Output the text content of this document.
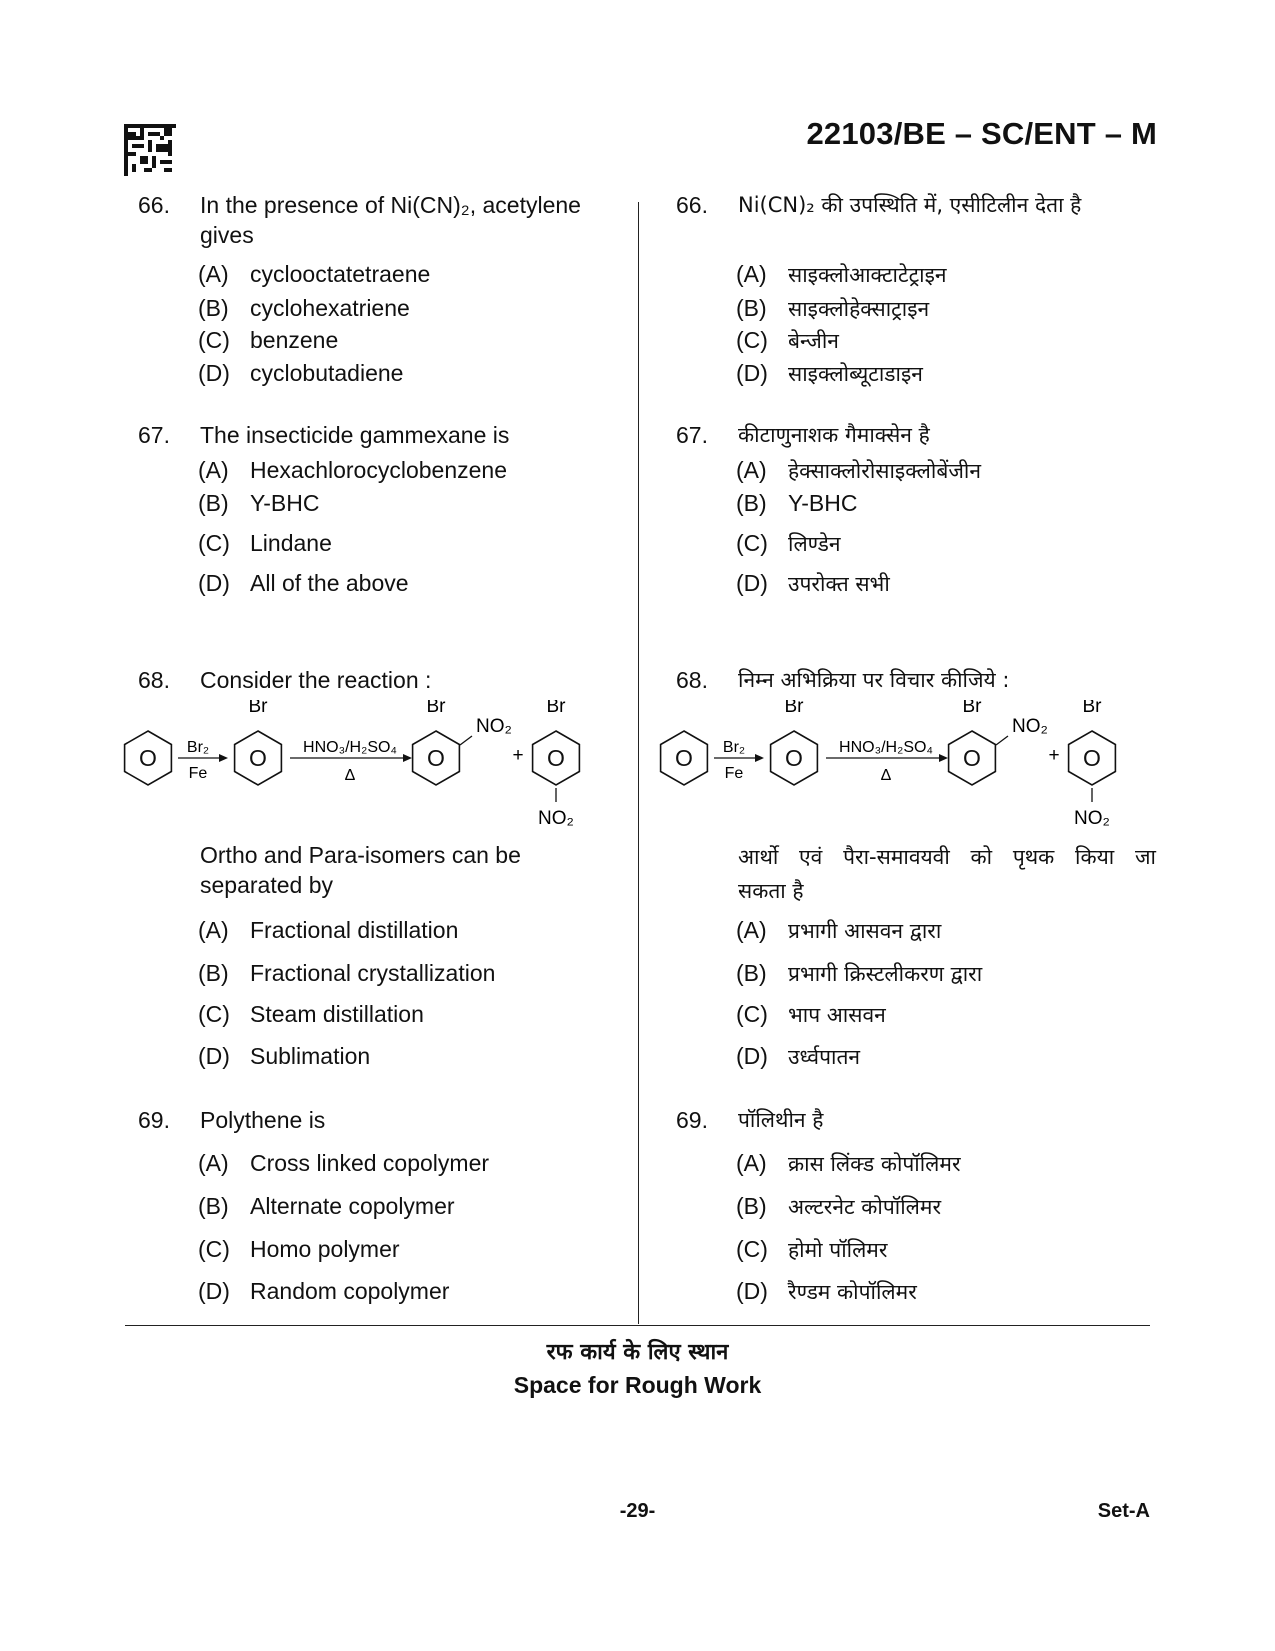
22103/BE – SC/ENT – M
66. In the presence of Ni(CN)₂, acetylene gives
(A) cyclooctatetraene
(B) cyclohexatriene
(C) benzene
(D) cyclobutadiene
67. The insecticide gammexane is
(A) Hexachlorocyclobenzene
(B) Y-BHC
(C) Lindane
(D) All of the above
68. Consider the reaction :
Ortho and Para-isomers can be separated by
(A) Fractional distillation
(B) Fractional crystallization
(C) Steam distillation
(D) Sublimation
69. Polythene is
(A) Cross linked copolymer
(B) Alternate copolymer
(C) Homo polymer
(D) Random copolymer
66. Ni(CN)₂ की उपस्थिति में, एसीटिलीन देता है
(A) साइक्लोआक्टाटेट्राइन
(B) साइक्लोहेक्साट्राइन
(C) बेन्जीन
(D) साइक्लोब्यूटाडाइन
67. कीटाणुनाशक गैमाक्सेन है
(A) हेक्साक्लोरोसाइक्लोबेंजीन
(B) Y-BHC
(C) लिण्डेन
(D) उपरोक्त सभी
68. निम्न अभिक्रिया पर विचार कीजिये :
आर्थो एवं पैरा-समावयवी को पृथक किया जा
सकता है
(A) प्रभागी आसवन द्वारा
(B) प्रभागी क्रिस्टलीकरण द्वारा
(C) भाप आसवन
(D) उर्ध्वपातन
69. पॉलिथीन है
(A) क्रास लिंक्ड कोपॉलिमर
(B) अल्टरनेट कोपॉलिमर
(C) होमो पॉलिमर
(D) रैण्डम कोपॉलिमर
O Br₂
Fe
O
Br
HNO₃/H₂SO₄
Δ
O
Br
NO₂
+ O
Br
NO₂
O Br₂
Fe
O
Br
HNO₃/H₂SO₄
Δ
O
Br
NO₂
+ O
Br
NO₂
रफ कार्य के लिए स्थान
Space for Rough Work
-29-	Set-A
